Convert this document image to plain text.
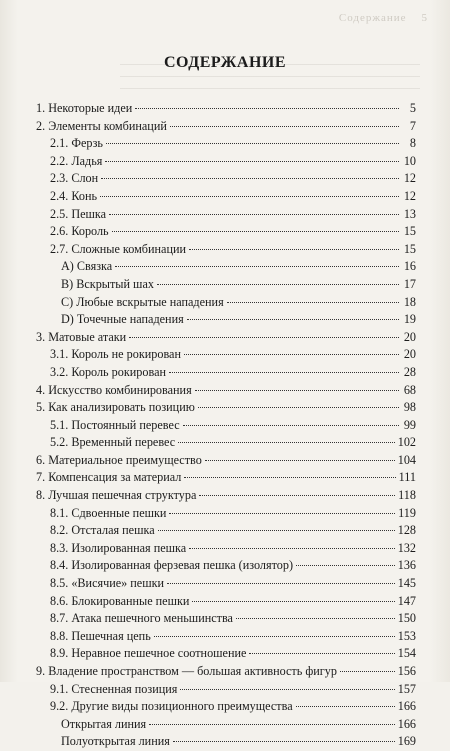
Содержание 5
СОДЕРЖАНИЕ
1. Некоторые идеи	5
2. Элементы комбинаций	7
2.1. Ферзь	8
2.2. Ладья	10
2.3. Слон	12
2.4. Конь	12
2.5. Пешка	13
2.6. Король	15
2.7. Сложные комбинации	15
A) Связка	16
B) Вскрытый шах	17
C) Любые вскрытые нападения	18
D) Точечные нападения	19
3. Матовые атаки	20
3.1. Король не рокирован	20
3.2. Король рокирован	28
4. Искусство комбинирования	68
5. Как анализировать позицию	98
5.1. Постоянный перевес	99
5.2. Временный перевес	102
6. Материальное преимущество	104
7. Компенсация за материал	111
8. Лучшая пешечная структура	118
8.1. Сдвоенные пешки	119
8.2. Отсталая пешка	128
8.3. Изолированная пешка	132
8.4. Изолированная ферзевая пешка (изолятор)	136
8.5. «Висячие» пешки	145
8.6. Блокированные пешки	147
8.7. Атака пешечного меньшинства	150
8.8. Пешечная цепь	153
8.9. Неравное пешечное соотношение	154
9. Владение пространством — большая активность фигур	156
9.1. Стесненная позиция	157
9.2. Другие виды позиционного преимущества	166
Открытая линия	166
Полуоткрытая линия	169
